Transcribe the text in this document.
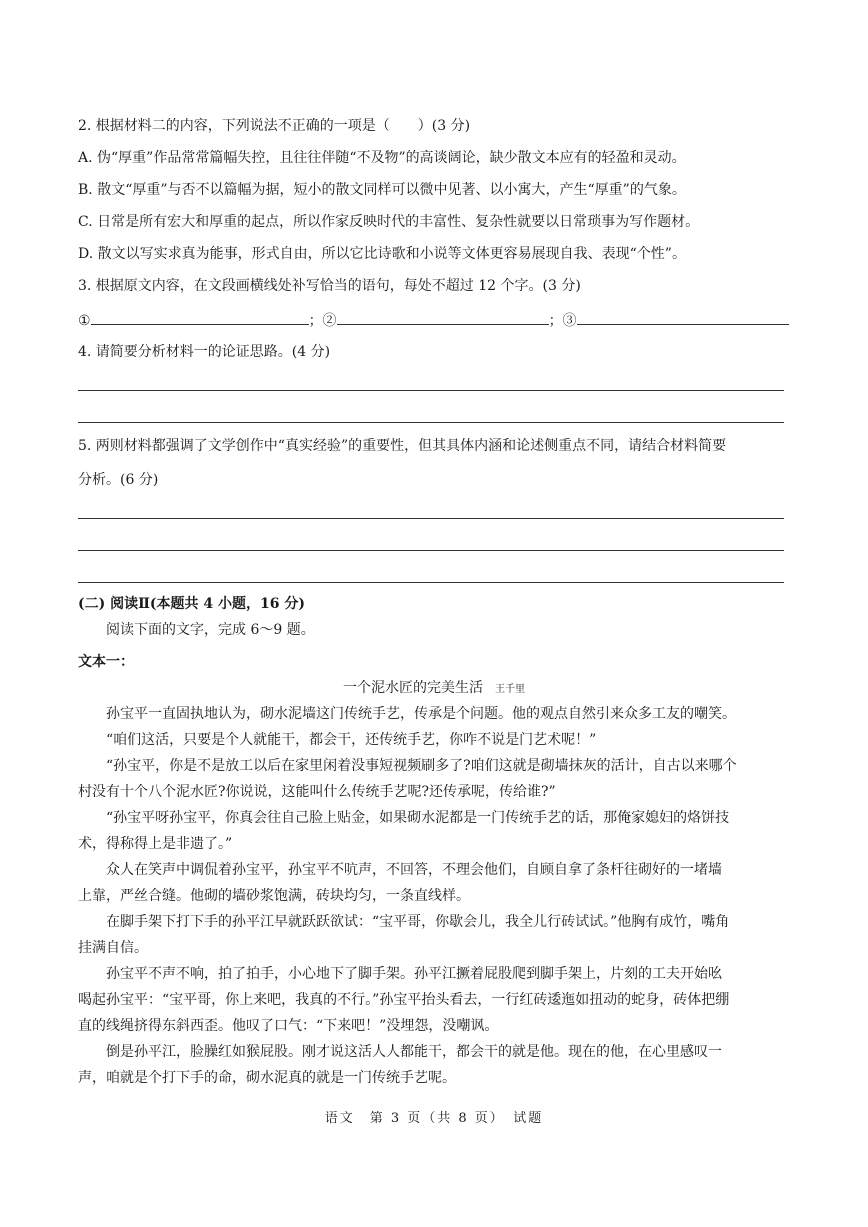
2. 根据材料二的内容，下列说法不正确的一项是（　　）(3 分)
A. 伪“厚重”作品常常篇幅失控，且往往伴随“不及物”的高谈阔论，缺少散文本应有的轻盈和灵动。
B. 散文“厚重”与否不以篇幅为据，短小的散文同样可以微中见著、以小寓大，产生“厚重”的气象。
C. 日常是所有宏大和厚重的起点，所以作家反映时代的丰富性、复杂性就要以日常琐事为写作题材。
D. 散文以写实求真为能事，形式自由，所以它比诗歌和小说等文体更容易展现自我、表现“个性”。
3. 根据原文内容，在文段画横线处补写恰当的语句，每处不超过 12 个字。(3 分)
①	；②	；③
4. 请简要分析材料一的论证思路。(4 分)
5. 两则材料都强调了文学创作中“真实经验”的重要性，但其具体内涵和论述侧重点不同，请结合材料简要
分析。(6 分)
(二) 阅读Ⅱ(本题共 4 小题，16 分)
阅读下面的文字，完成 6～9 题。
文本一：
一个泥水匠的完美生活 王千里
孙宝平一直固执地认为，砌水泥墙这门传统手艺，传承是个问题。他的观点自然引来众多工友的嘲笑。
“咱们这活，只要是个人就能干，都会干，还传统手艺，你咋不说是门艺术呢！”
“孙宝平，你是不是放工以后在家里闲着没事短视频刷多了?咱们这就是砌墙抹灰的活计，自古以来哪个
村没有十个八个泥水匠?你说说，这能叫什么传统手艺呢?还传承呢，传给谁?”
“孙宝平呀孙宝平，你真会往自己脸上贴金，如果砌水泥都是一门传统手艺的话，那俺家媳妇的烙饼技
术，得称得上是非遗了。”
众人在笑声中调侃着孙宝平，孙宝平不吭声，不回答，不理会他们，自顾自拿了条杆往砌好的一堵墙
上靠，严丝合缝。他砌的墙砂浆饱满，砖块均匀，一条直线样。
在脚手架下打下手的孙平江早就跃跃欲试：“宝平哥，你歇会儿，我全儿行砖试试。”他胸有成竹，嘴角
挂满自信。
孙宝平不声不响，拍了拍手，小心地下了脚手架。孙平江撅着屁股爬到脚手架上，片刻的工夫开始吆
喝起孙宝平：“宝平哥，你上来吧，我真的不行。”孙宝平抬头看去，一行红砖逶迤如扭动的蛇身，砖体把绷
直的线绳挤得东斜西歪。他叹了口气：“下来吧！”没埋怨，没嘲讽。
倒是孙平江，脸臊红如猴屁股。刚才说这活人人都能干，都会干的就是他。现在的他，在心里感叹一
声，咱就是个打下手的命，砌水泥真的就是一门传统手艺呢。
语文　第 3 页（共 8 页）　试题
